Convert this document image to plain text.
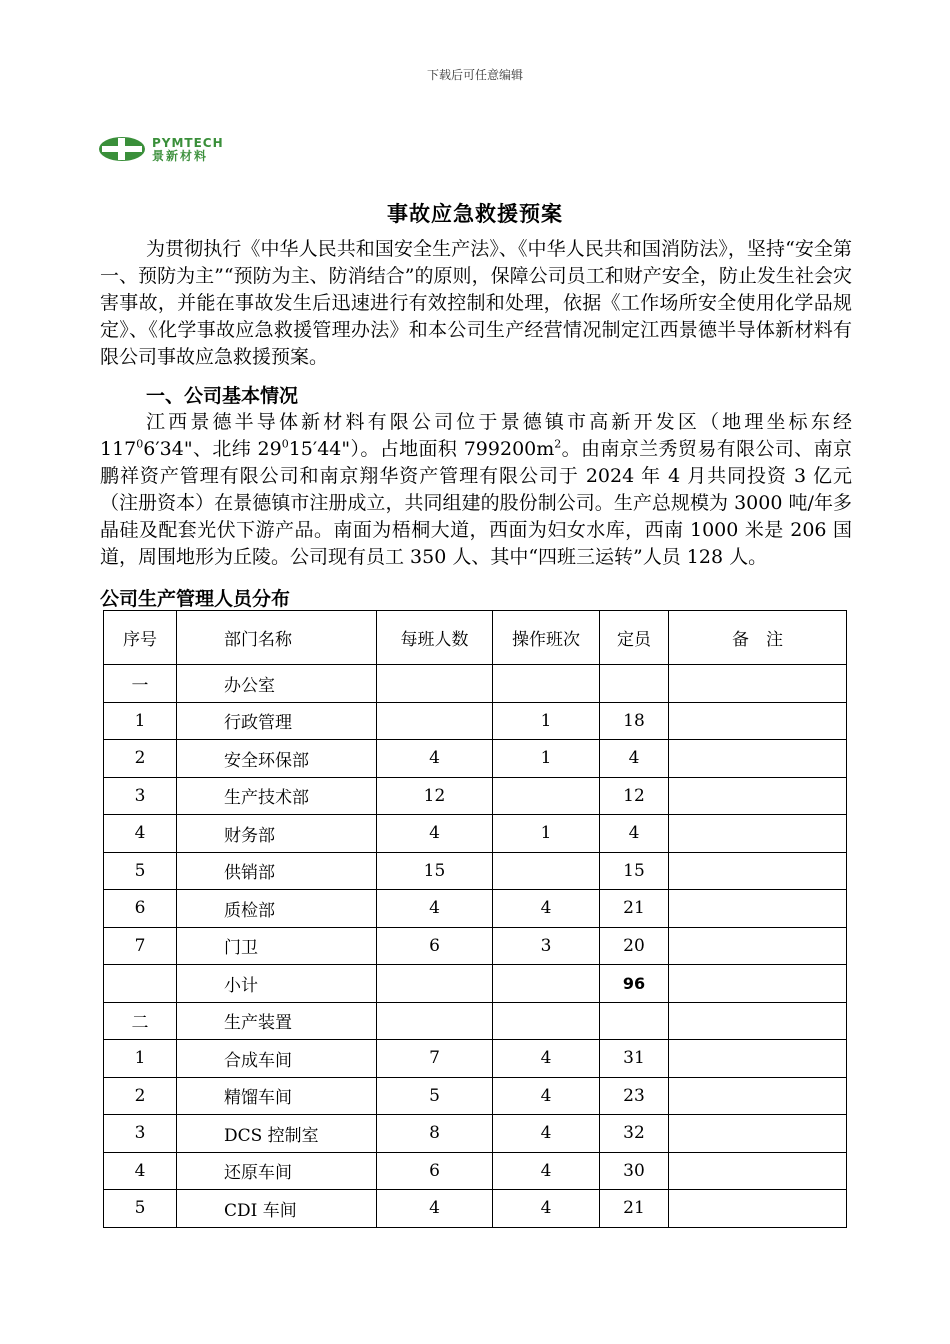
下载后可任意编辑
PYMTECH
景新材料
事故应急救援预案
为贯彻执行《中华人民共和国安全生产法》、《中华人民共和国消防法》，坚持“安全第一、预防为主”“预防为主、防消结合”的原则，保障公司员工和财产安全，防止发生社会灾害事故，并能在事故发生后迅速进行有效控制和处理，依据《工作场所安全使用化学品规定》、《化学事故应急救援管理办法》和本公司生产经营情况制定江西景德半导体新材料有限公司事故应急救援预案。
一、公司基本情况
江西景德半导体新材料有限公司位于景德镇市高新开发区（地理坐标东经 $117^06'34$"、北纬 $29^015'44$"）。占地面积 $799200m^2$。由南京兰秀贸易有限公司、南京鹏祥资产管理有限公司和南京翔华资产管理有限公司于 2024 年 4 月共同投资 3 亿元（注册资本）在景德镇市注册成立，共同组建的股份制公司。生产总规模为 3000 吨/年多晶硅及配套光伏下游产品。南面为梧桐大道，西面为妇女水库，西南 1000 米是 206 国道，周围地形为丘陵。公司现有员工 350 人、其中“四班三运转”人员 128 人。
公司生产管理人员分布
序号	部门名称	每班人数	操作班次	定员	备　注
一	办公室				
1	行政管理		1	18	
2	安全环保部	4	1	4	
3	生产技术部	12		12	
4	财务部	4	1	4	
5	供销部	15		15	
6	质检部	4	4	21	
7	门卫	6	3	20	
	小计			96	
二	生产装置				
1	合成车间	7	4	31	
2	精馏车间	5	4	23	
3	DCS 控制室	8	4	32	
4	还原车间	6	4	30	
5	CDI 车间	4	4	21	
